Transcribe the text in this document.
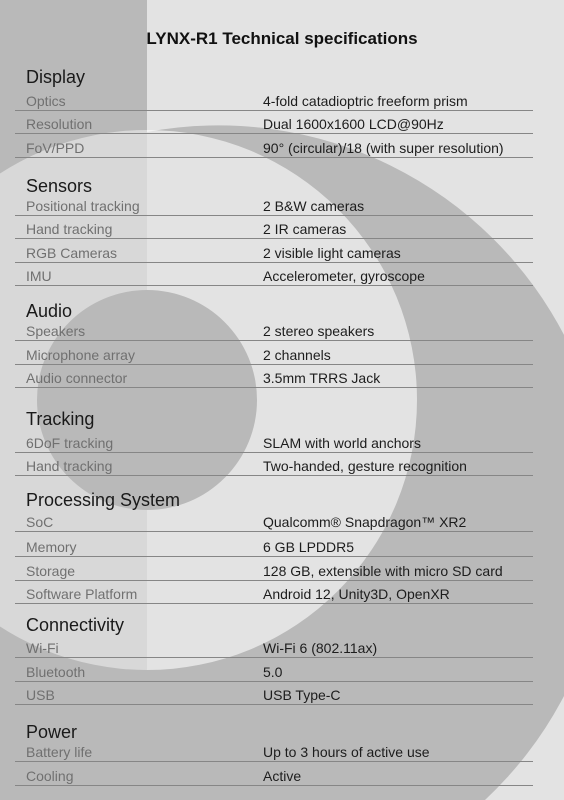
LYNX-R1 Technical specifications
Display
Optics	4-fold catadioptric freeform prism
Resolution	Dual 1600x1600 LCD@90Hz
FoV/PPD	90° (circular)/18 (with super resolution)
Sensors
Positional tracking	2 B&W cameras
Hand tracking	2 IR cameras
RGB Cameras	2 visible light cameras
IMU	Accelerometer, gyroscope
Audio
Speakers	2 stereo speakers
Microphone array	2 channels
Audio connector	3.5mm TRRS Jack
Tracking
6DoF tracking	SLAM with world anchors
Hand tracking	Two-handed, gesture recognition
Processing System
SoC	Qualcomm® Snapdragon™ XR2
Memory	6 GB LPDDR5
Storage	128 GB, extensible with micro SD card
Software Platform	Android 12, Unity3D, OpenXR
Connectivity
Wi-Fi	Wi-Fi 6 (802.11ax)
Bluetooth	5.0
USB	USB Type-C
Power
Battery life	Up to 3 hours of active use
Cooling	Active
